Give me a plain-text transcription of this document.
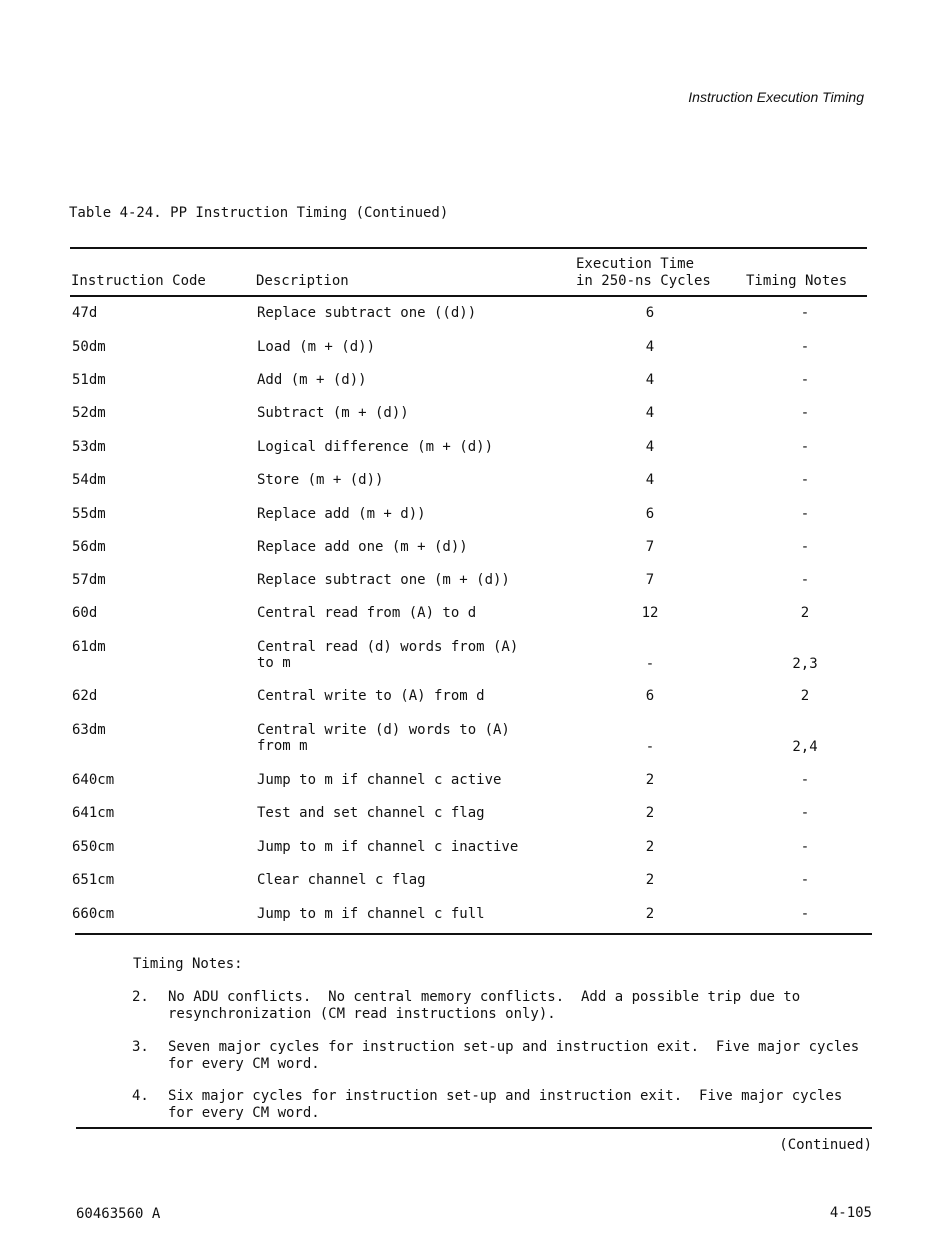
Instruction Execution Timing
Table 4-24. PP Instruction Timing (Continued)
Instruction Code	Description
Execution Time
in 250-ns Cycles	Timing Notes
47d	Replace subtract one ((d))	6	-
50dm	Load (m + (d))	4	-
51dm	Add (m + (d))	4	-
52dm	Subtract (m + (d))	4	-
53dm	Logical difference (m + (d))	4	-
54dm	Store (m + (d))	4	-
55dm	Replace add (m + d))	6	-
56dm	Replace add one (m + (d))	7	-
57dm	Replace subtract one (m + (d))	7	-
60d	Central read from (A) to d	12	2
61dm	Central read (d) words from (A)
to m	-	2,3
62d	Central write to (A) from d	6	2
63dm	Central write (d) words to (A)
from m	-	2,4
640cm	Jump to m if channel c active	2	-
641cm	Test and set channel c flag	2	-
650cm	Jump to m if channel c inactive	2	-
651cm	Clear channel c flag	2	-
660cm	Jump to m if channel c full	2	-
Timing Notes:
2. No ADU conflicts.  No central memory conflicts.  Add a possible trip due to
resynchronization (CM read instructions only).
3. Seven major cycles for instruction set-up and instruction exit.  Five major cycles
for every CM word.
4. Six major cycles for instruction set-up and instruction exit.  Five major cycles
for every CM word.
(Continued)
60463560 A	4-105
